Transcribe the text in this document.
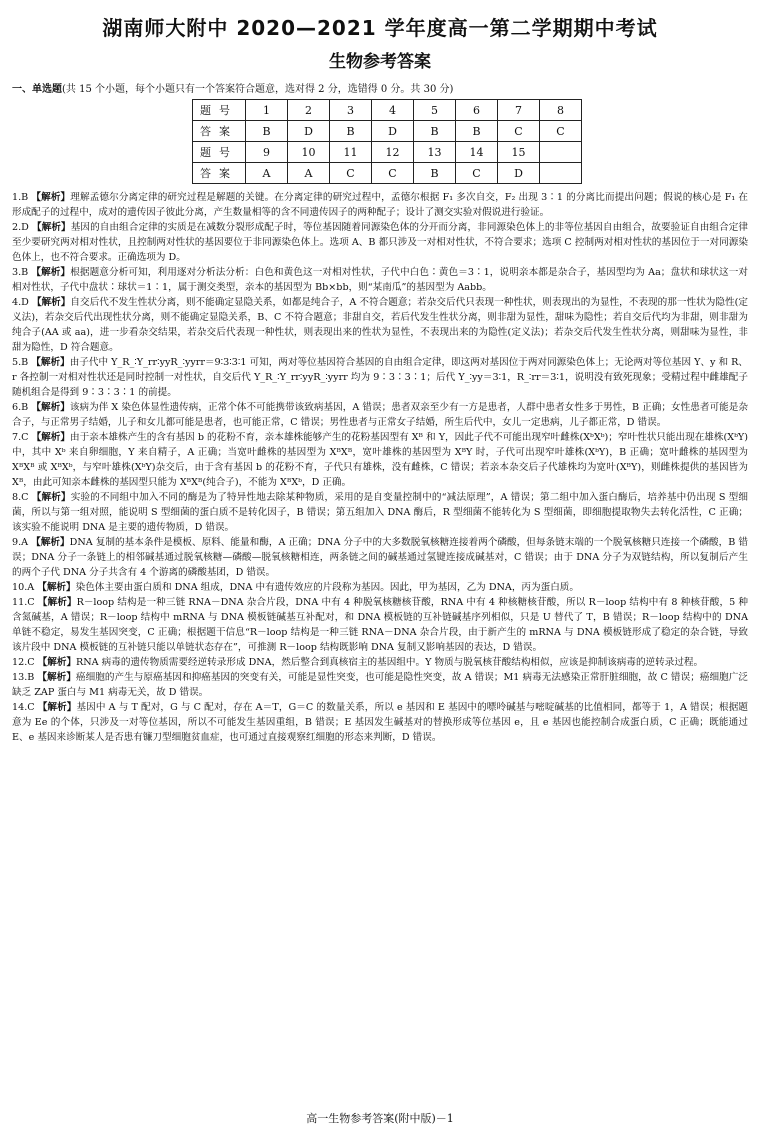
湖南师大附中 2020—2021 学年度高一第二学期期中考试
生物参考答案
一、单选题(共 15 个小题，每个小题只有一个答案符合题意，选对得 2 分，选错得 0 分。共 30 分)
题号	1	2	3	4	5	6	7	8
答案	B	D	B	D	B	B	C	C
题号	9	10	11	12	13	14	15	
答案	A	A	C	C	B	C	D	

1.B 【解析】理解孟德尔分离定律的研究过程是解题的关键。在分离定律的研究过程中，孟德尔根据 F₁ 多次自交，F₂ 出现 3∶1 的分离比而提出问题；假说的核心是 F₁ 在形成配子的过程中，成对的遗传因子彼此分离，产生数量相等的含不同遗传因子的两种配子；设计了测交实验对假说进行验证。

2.D 【解析】基因的自由组合定律的实质是在减数分裂形成配子时，等位基因随着同源染色体的分开而分离，非同源染色体上的非等位基因自由组合，故要验证自由组合定律至少要研究两对相对性状，且控制两对性状的基因要位于非同源染色体上。选项 A、B 都只涉及一对相对性状，不符合要求；选项 C 控制两对相对性状的基因位于一对同源染色体上，也不符合要求。正确选项为 D。

3.B 【解析】根据题意分析可知，利用逐对分析法分析：白色和黄色这一对相对性状，子代中白色∶黄色＝3∶1，说明亲本都是杂合子，基因型均为 Aa；盘状和球状这一对相对性状，子代中盘状∶球状＝1∶1，属于测交类型，亲本的基因型为 Bb×bb，则“某南瓜”的基因型为 Aabb。

4.D 【解析】自交后代不发生性状分离，则不能确定显隐关系，如都是纯合子，A 不符合题意；若杂交后代只表现一种性状，则表现出的为显性，不表现的那一性状为隐性(定义法)，若杂交后代出现性状分离，则不能确定显隐关系，B、C 不符合题意；非甜自交，若后代发生性状分离，则非甜为显性，甜味为隐性；若自交后代均为非甜，则非甜为纯合子(AA 或 aa)，进一步看杂交结果，若杂交后代表现一种性状，则表现出来的性状为显性，不表现出来的为隐性(定义法)；若杂交后代发生性状分离，则甜味为显性，非甜为隐性，D 符合题意。

5.B 【解析】由子代中 Y_R_∶Y_rr∶yyR_∶yyrr＝9∶3∶3∶1 可知，两对等位基因符合基因的自由组合定律，即这两对基因位于两对同源染色体上；无论两对等位基因 Y、y 和 R、r 各控制一对相对性状还是同时控制一对性状，自交后代 Y_R_∶Y_rr∶yyR_∶yyrr 均为 9∶3∶3∶1；后代 Y_∶yy＝3∶1，R_∶rr＝3∶1，说明没有致死现象；受精过程中雌雄配子随机组合是得到 9∶3∶3∶1 的前提。

6.B 【解析】该病为伴 X 染色体显性遗传病，正常个体不可能携带该致病基因，A 错误；患者双亲至少有一方是患者，人群中患者女性多于男性，B 正确；女性患者可能是杂合子，与正常男子结婚，儿子和女儿都可能是患者，也可能正常，C 错误；男性患者与正常女子结婚，所生后代中，女儿一定患病，儿子都正常，D 错误。

7.C 【解析】由于亲本雄株产生的含有基因 b 的花粉不育，亲本雄株能够产生的花粉基因型有 Xᴮ 和 Y，因此子代不可能出现窄叶雌株(XᵇXᵇ)；窄叶性状只能出现在雄株(XᵇY)中，其中 Xᵇ 来自卵细胞，Y 来自精子，A 正确；当宽叶雌株的基因型为 XᴮXᴮ，宽叶雄株的基因型为 XᴮY 时，子代可出现窄叶雄株(XᵇY)，B 正确；宽叶雌株的基因型为 XᴮXᴮ 或 XᴮXᵇ，与窄叶雄株(XᵇY)杂交后，由于含有基因 b 的花粉不育，子代只有雄株，没有雌株，C 错误；若亲本杂交后子代雄株均为宽叶(XᴮY)，则雌株提供的基因皆为 Xᴮ，由此可知亲本雌株的基因型只能为 XᴮXᴮ(纯合子)，不能为 XᴮXᵇ，D 正确。

8.C 【解析】实验的不同组中加入不同的酶是为了特异性地去除某种物质，采用的是自变量控制中的“减法原理”，A 错误；第二组中加入蛋白酶后，培养基中仍出现 S 型细菌，所以与第一组对照，能说明 S 型细菌的蛋白质不是转化因子，B 错误；第五组加入 DNA 酶后，R 型细菌不能转化为 S 型细菌，即细胞提取物失去转化活性，C 正确；该实验不能说明 DNA 是主要的遗传物质，D 错误。

9.A 【解析】DNA 复制的基本条件是模板、原料、能量和酶，A 正确；DNA 分子中的大多数脱氧核糖连接着两个磷酸，但每条链末端的一个脱氧核糖只连接一个磷酸，B 错误；DNA 分子一条链上的相邻碱基通过脱氧核糖—磷酸—脱氧核糖相连，两条链之间的碱基通过氢键连接成碱基对，C 错误；由于 DNA 分子为双链结构，所以复制后产生的两个子代 DNA 分子共含有 4 个游离的磷酸基团，D 错误。

10.A 【解析】染色体主要由蛋白质和 DNA 组成，DNA 中有遗传效应的片段称为基因。因此，甲为基因，乙为 DNA，丙为蛋白质。

11.C 【解析】R－loop 结构是一种三链 RNA－DNA 杂合片段，DNA 中有 4 种脱氧核糖核苷酸，RNA 中有 4 种核糖核苷酸，所以 R－loop 结构中有 8 种核苷酸，5 种含氮碱基，A 错误；R－loop 结构中 mRNA 与 DNA 模板链碱基互补配对，和 DNA 模板链的互补链碱基序列相似，只是 U 替代了 T，B 错误；R－loop 结构中的 DNA 单链不稳定，易发生基因突变，C 正确；根据题干信息“R－loop 结构是一种三链 RNA－DNA 杂合片段，由于新产生的 mRNA 与 DNA 模板链形成了稳定的杂合链，导致该片段中 DNA 模板链的互补链只能以单链状态存在”，可推测 R－loop 结构既影响 DNA 复制又影响基因的表达，D 错误。

12.C 【解析】RNA 病毒的遗传物质需要经逆转录形成 DNA，然后整合到真核宿主的基因组中。Y 物质与脱氧核苷酸结构相似，应该是抑制该病毒的逆转录过程。

13.B 【解析】癌细胞的产生与原癌基因和抑癌基因的突变有关，可能是显性突变，也可能是隐性突变，故 A 错误；M1 病毒无法感染正常肝脏细胞，故 C 错误；癌细胞广泛缺乏 ZAP 蛋白与 M1 病毒无关，故 D 错误。

14.C 【解析】基因中 A 与 T 配对，G 与 C 配对，存在 A＝T，G＝C 的数量关系，所以 e 基因和 E 基因中的嘌呤碱基与嘧啶碱基的比值相同，都等于 1，A 错误；根据题意为 Ee 的个体，只涉及一对等位基因，所以不可能发生基因重组，B 错误；E 基因发生碱基对的替换形成等位基因 e，且 e 基因也能控制合成蛋白质，C 正确；既能通过 E、e 基因来诊断某人是否患有镰刀型细胞贫血症，也可通过直接观察红细胞的形态来判断，D 错误。

高一生物参考答案(附中版)－1
